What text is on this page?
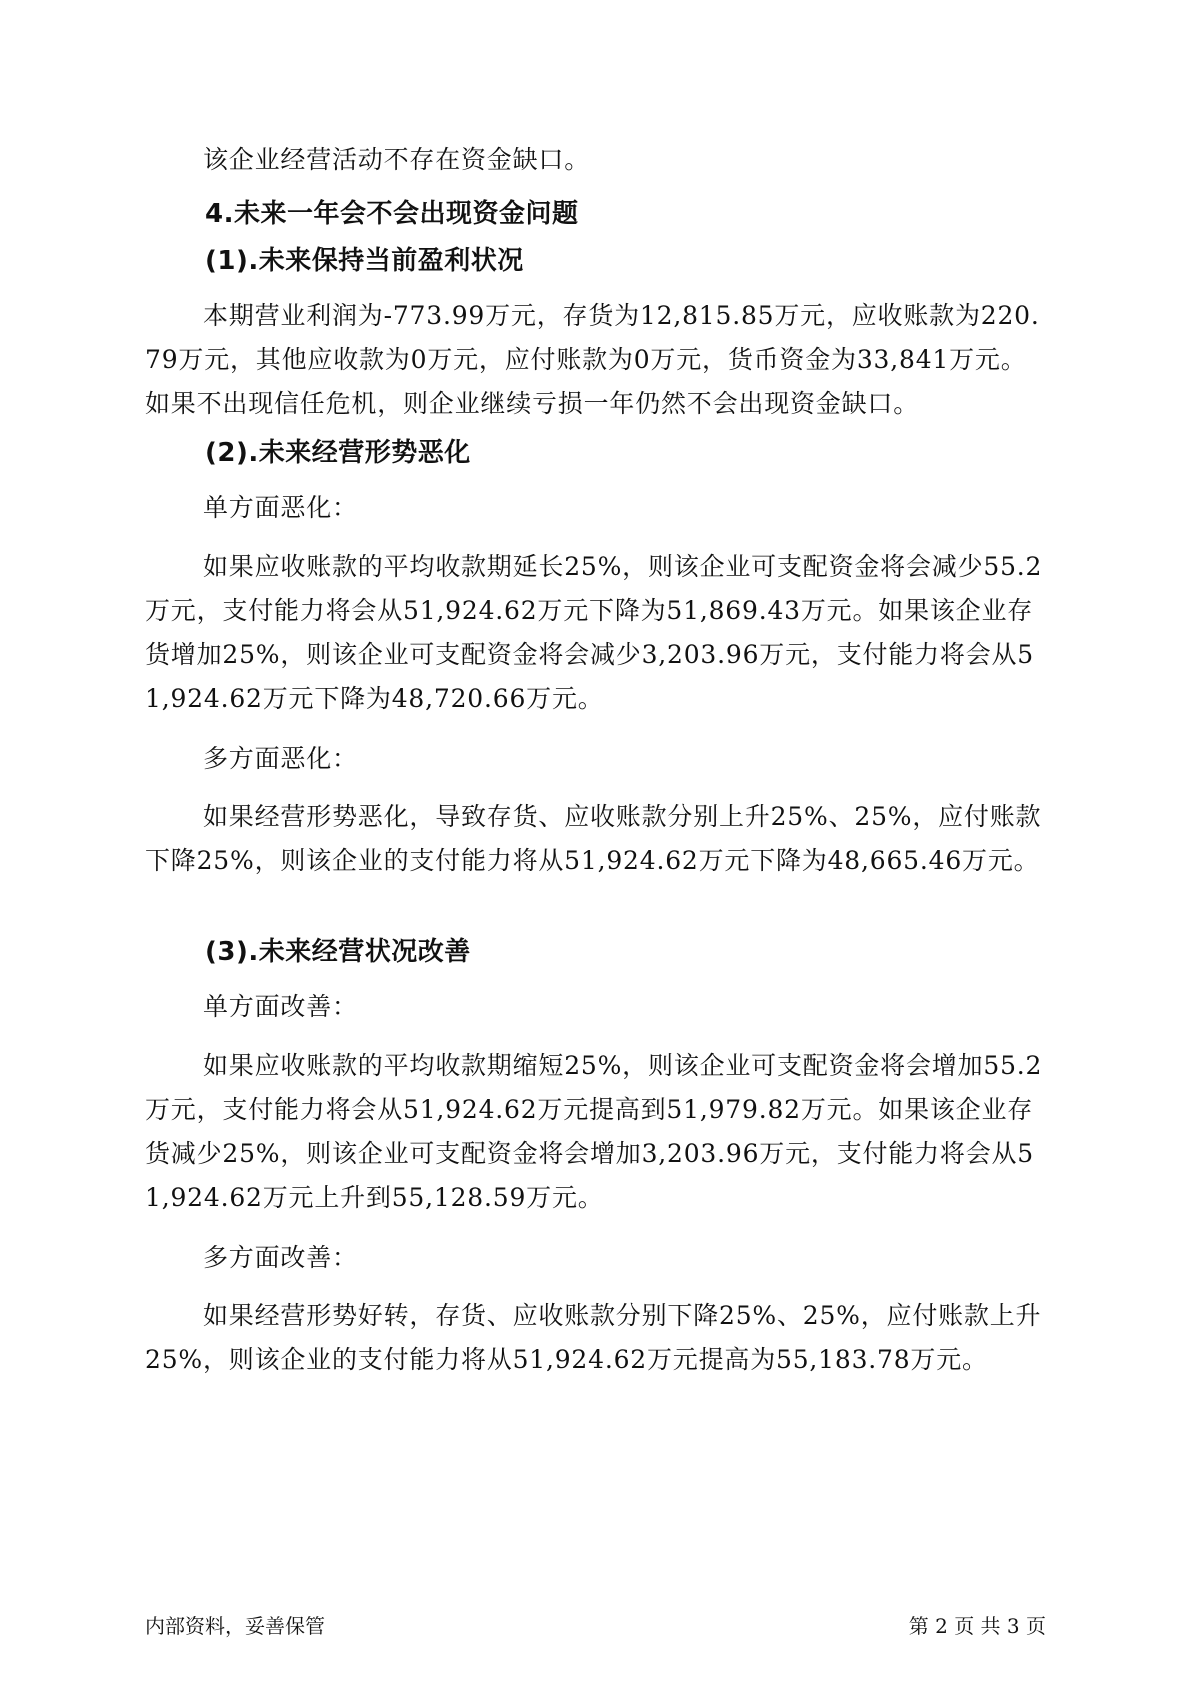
该企业经营活动不存在资金缺口。

4.未来一年会不会出现资金问题
(1).未来保持当前盈利状况

本期营业利润为-773.99万元，存货为12,815.85万元，应收账款为220.79万元，其他应收款为0万元，应付账款为0万元，货币资金为33,841万元。如果不出现信任危机，则企业继续亏损一年仍然不会出现资金缺口。

(2).未来经营形势恶化

单方面恶化：

如果应收账款的平均收款期延长25%，则该企业可支配资金将会减少55.2万元，支付能力将会从51,924.62万元下降为51,869.43万元。如果该企业存货增加25%，则该企业可支配资金将会减少3,203.96万元，支付能力将会从51,924.62万元下降为48,720.66万元。

多方面恶化：

如果经营形势恶化，导致存货、应收账款分别上升25%、25%，应付账款下降25%，则该企业的支付能力将从51,924.62万元下降为48,665.46万元。

(3).未来经营状况改善

单方面改善：

如果应收账款的平均收款期缩短25%，则该企业可支配资金将会增加55.2万元，支付能力将会从51,924.62万元提高到51,979.82万元。如果该企业存货减少25%，则该企业可支配资金将会增加3,203.96万元，支付能力将会从51,924.62万元上升到55,128.59万元。

多方面改善：

如果经营形势好转，存货、应收账款分别下降25%、25%，应付账款上升25%，则该企业的支付能力将从51,924.62万元提高为55,183.78万元。

内部资料，妥善保管	第 2 页 共 3 页
